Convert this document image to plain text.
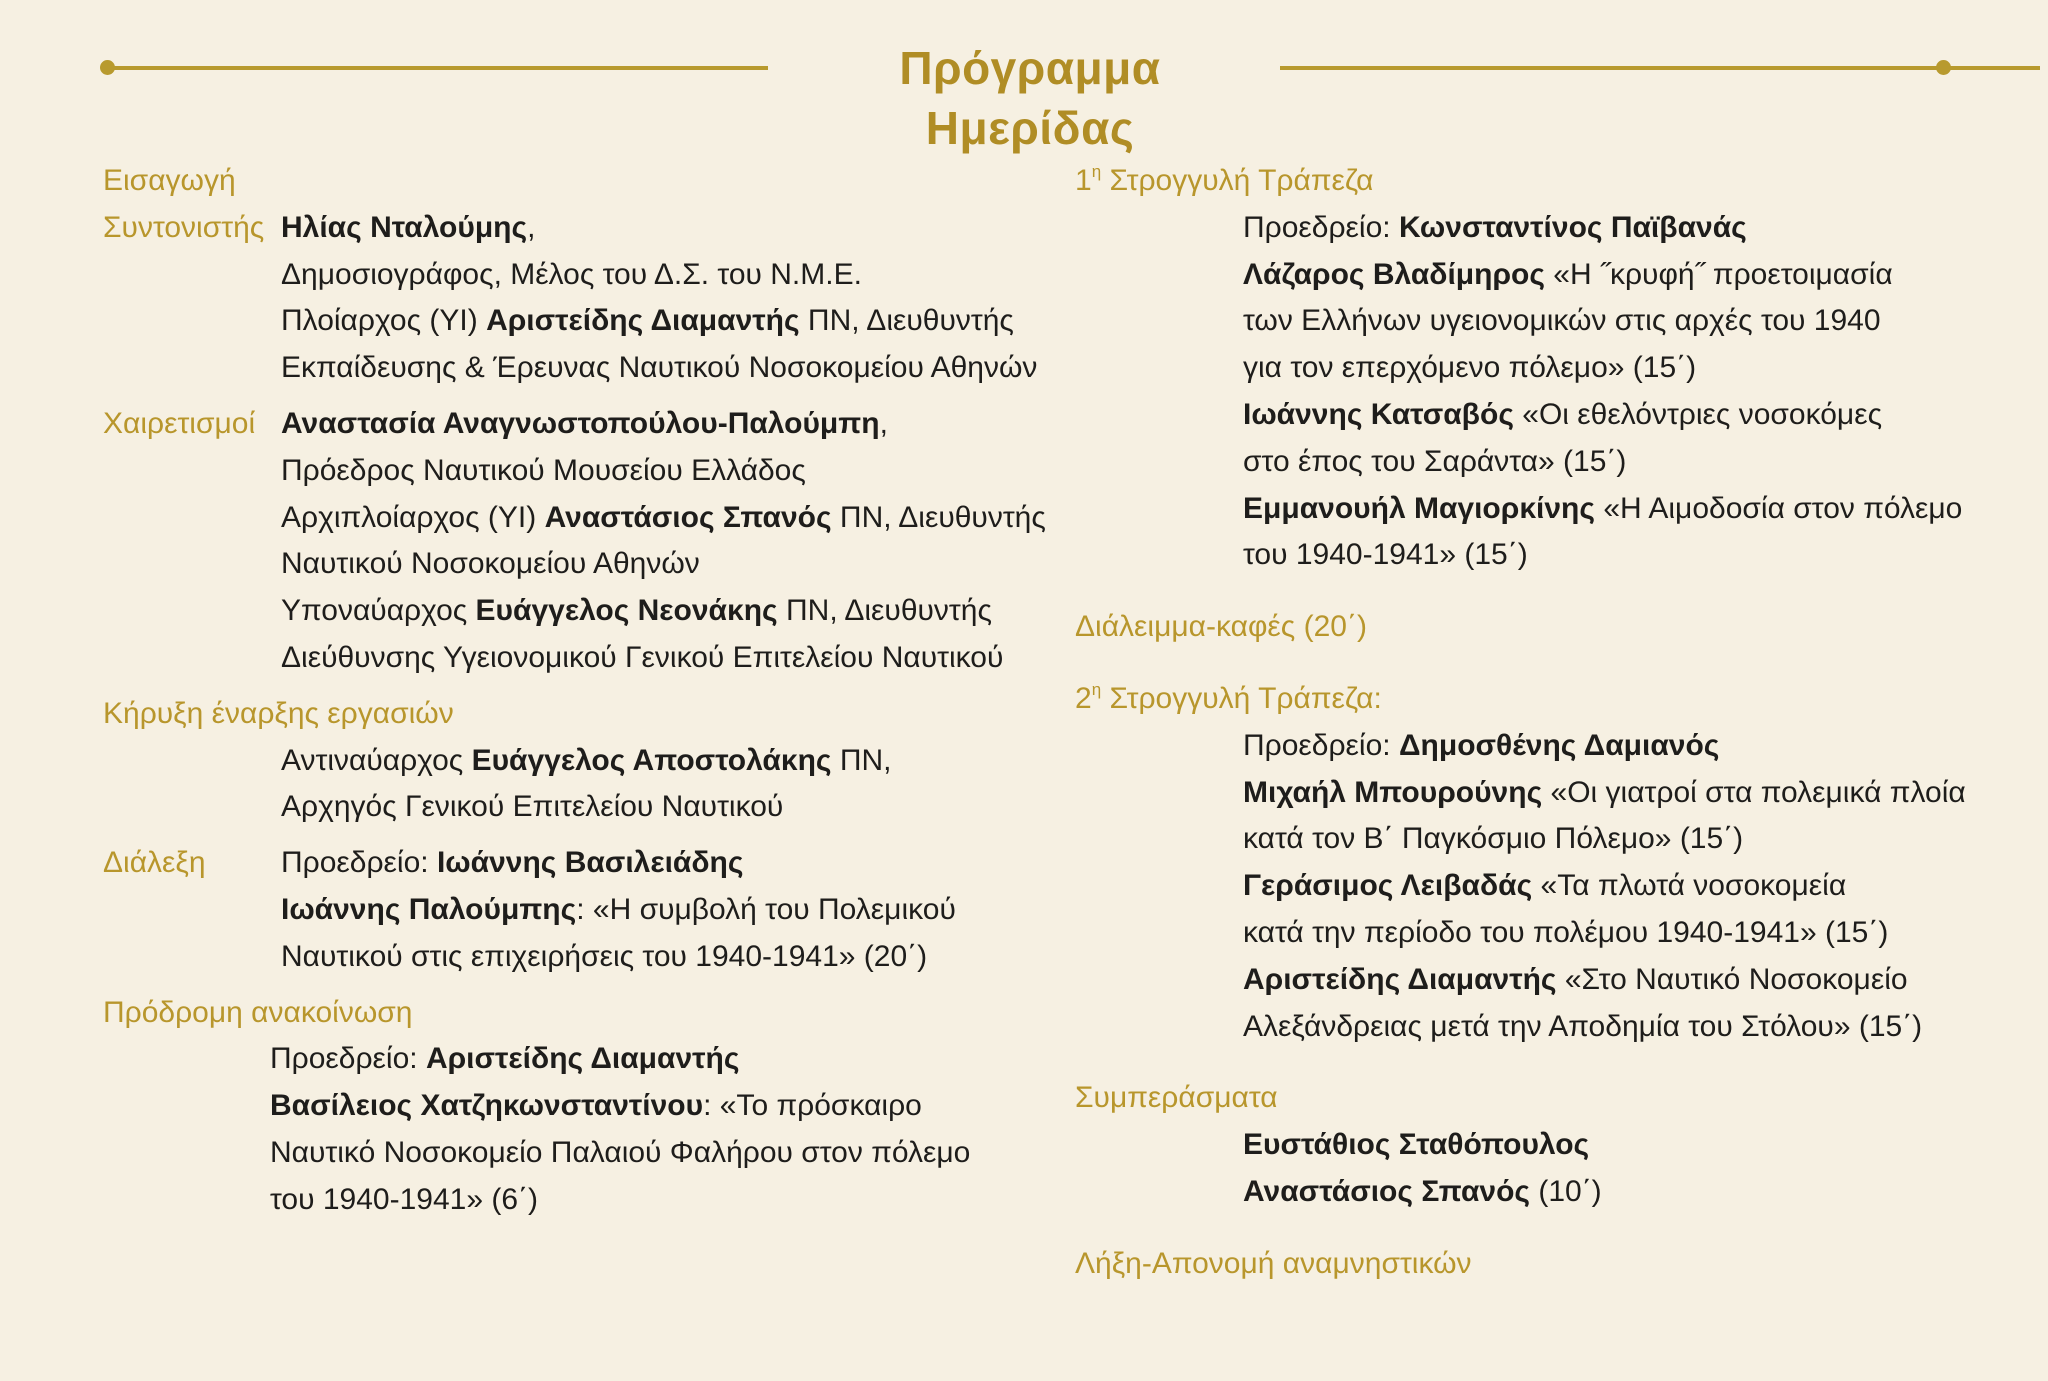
Πρόγραμμα Ημερίδας
Εισαγωγή
Συντονιστής Ηλίας Νταλούμης,
Δημοσιογράφος, Μέλος του Δ.Σ. του Ν.Μ.Ε.
Πλοίαρχος (ΥΙ) Αριστείδης Διαμαντής ΠΝ, Διευθυντής
Εκπαίδευσης & Έρευνας Ναυτικού Νοσοκομείου Αθηνών
Χαιρετισμοί Αναστασία Αναγνωστοπούλου-Παλούμπη,
Πρόεδρος Ναυτικού Μουσείου Ελλάδος
Αρχιπλοίαρχος (ΥΙ) Αναστάσιος Σπανός ΠΝ, Διευθυντής
Ναυτικού Νοσοκομείου Αθηνών
Υποναύαρχος Ευάγγελος Νεονάκης ΠΝ, Διευθυντής
Διεύθυνσης Υγειονομικού Γενικού Επιτελείου Ναυτικού
Κήρυξη έναρξης εργασιών
Αντιναύαρχος Ευάγγελος Αποστολάκης ΠΝ,
Αρχηγός Γενικού Επιτελείου Ναυτικού
Διάλεξη	Προεδρείο: Ιωάννης Βασιλειάδης
Ιωάννης Παλούμπης: «Η συμβολή του Πολεμικού
Ναυτικού στις επιχειρήσεις του 1940-1941» (20΄)
Πρόδρομη ανακοίνωση
Προεδρείο: Αριστείδης Διαμαντής
Βασίλειος Χατζηκωνσταντίνου: «Το πρόσκαιρο
Ναυτικό Νοσοκομείο Παλαιού Φαλήρου στον πόλεμο
του 1940-1941» (6΄)
$1^\eta$ Στρογγυλή Τράπεζα
Προεδρείο: Κωνσταντίνος Παϊβανάς
Λάζαρος Βλαδίμηρος «Η ˝κρυφή˝ προετοιμασία
των Ελλήνων υγειονομικών στις αρχές του 1940
για τον επερχόμενο πόλεμο» (15΄)
Ιωάννης Κατσαβός «Οι εθελόντριες νοσοκόμες
στο έπος του Σαράντα» (15΄)
Εμμανουήλ Μαγιορκίνης «Η Αιμοδοσία στον πόλεμο
του 1940-1941» (15΄)
Διάλειμμα-καφές (20΄)
$2^\eta$ Στρογγυλή Τράπεζα:
Προεδρείο: Δημοσθένης Δαμιανός
Μιχαήλ Μπουρούνης «Οι γιατροί στα πολεμικά πλοία
κατά τον Β΄ Παγκόσμιο Πόλεμο» (15΄)
Γεράσιμος Λειβαδάς «Τα πλωτά νοσοκομεία
κατά την περίοδο του πολέμου 1940-1941» (15΄)
Αριστείδης Διαμαντής «Στο Ναυτικό Νοσοκομείο
Αλεξάνδρειας μετά την Αποδημία του Στόλου» (15΄)
Συμπεράσματα
Ευστάθιος Σταθόπουλος
Αναστάσιος Σπανός (10΄)
Λήξη-Απονομή αναμνηστικών
